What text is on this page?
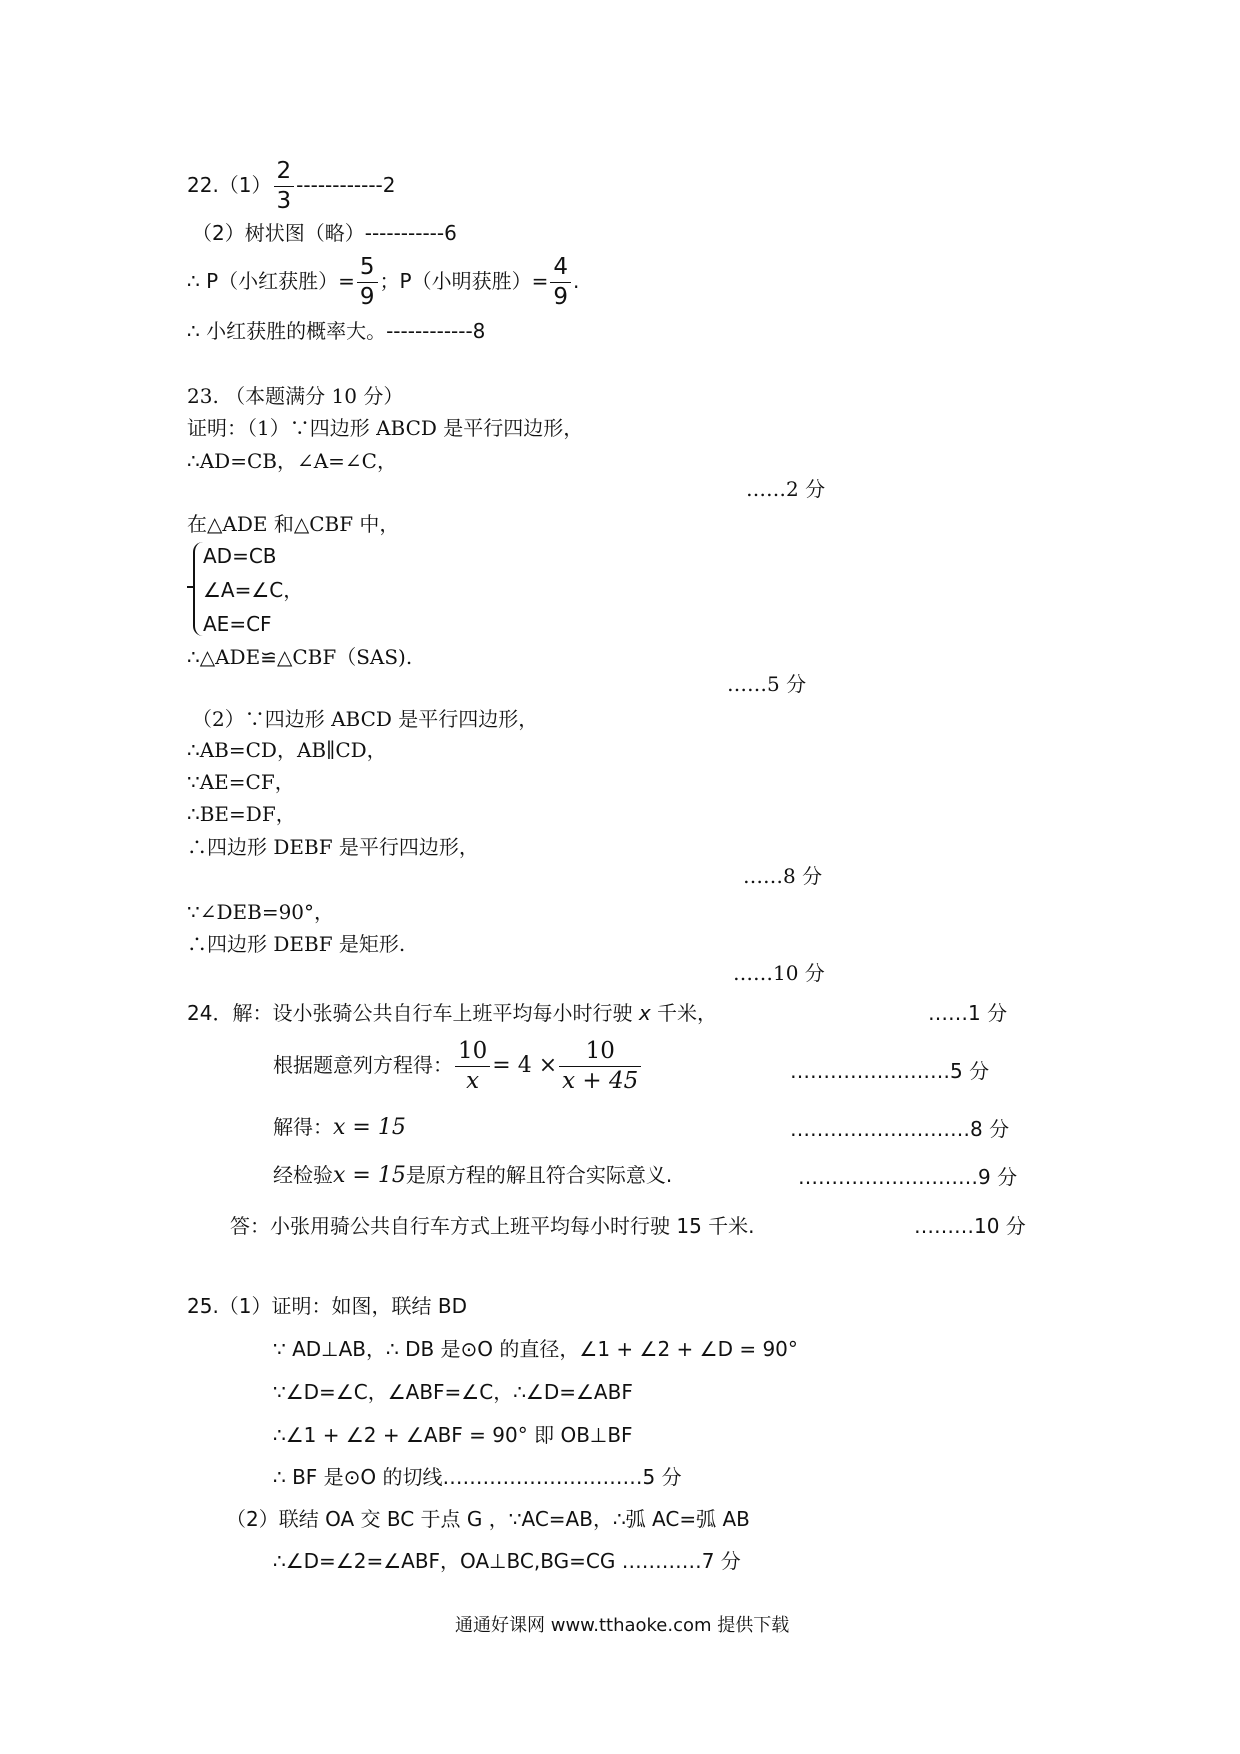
$22.(1) \frac{2}{3} ------------2$
（2）树状图（略）-----------6
∴ P（小红获胜）= $\frac{5}{9}$ ；P（小明获胜）= $\frac{4}{9}$ .
∴ 小红获胜的概率大。------------8
23. （本题满分 10 分）
证明：（1）∵四边形 ABCD 是平行四边形，
∴AD=CB，∠A=∠C，
……2 分
在△ADE 和△CBF 中，
AD=CB
∠A=∠C，
AE=CF
∴△ADE≌△CBF（SAS).
……5 分
（2）∵四边形 ABCD 是平行四边形，
∴AB=CD，AB∥CD，
∵AE=CF，
∴BE=DF，
∴四边形 DEBF 是平行四边形，
……8 分
∵∠DEB=90°，
∴四边形 DEBF 是矩形.
……10 分
24．解：设小张骑公共自行车上班平均每小时行驶 x 千米，	……1 分
根据题意列方程得： $\frac{10}{x} = 4 \times \frac{10}{x + 45}$	……………………5 分
解得：x = 15	………………………8 分
经检验x = 15是原方程的解且符合实际意义.	………………………9 分
答：小张用骑公共自行车方式上班平均每小时行驶 15 千米.	………10 分
25.（1）证明：如图，联结 BD
∵ AD⊥AB，∴ DB 是⊙O 的直径，∠1 + ∠2 + ∠D = 90°
∵∠D=∠C，∠ABF=∠C，∴∠D=∠ABF
∴∠1 + ∠2 + ∠ABF = 90° 即 OB⊥BF
∴ BF 是⊙O 的切线…………………………5 分
（2）联结 OA 交 BC 于点 G ，∵AC=AB，∴弧 AC=弧 AB
∴∠D=∠2=∠ABF，OA⊥BC,BG=CG …………7 分
通通好课网 www.tthaoke.com 提供下载
